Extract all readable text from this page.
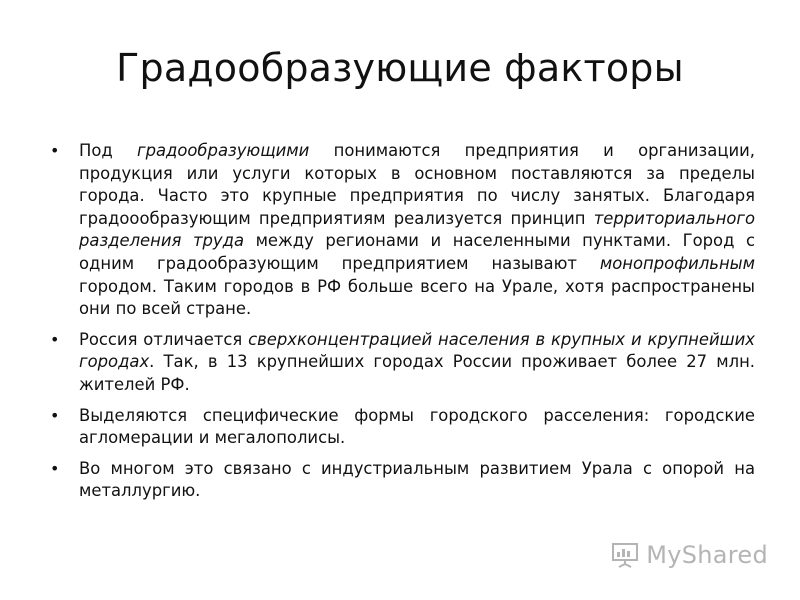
Градообразующие факторы
• Под градообразующими понимаются предприятия и организации, продукция или услуги которых в основном поставляются за пределы города. Часто это крупные предприятия по числу занятых. Благодаря градоообразующим предприятиям реализуется принцип территориального разделения труда между регионами и населенными пунктами. Город с одним градообразующим предприятием называют монопрофильным городом. Таким городов в РФ больше всего на Урале, хотя распространены они по всей стране.
• Россия отличается сверхконцентрацией населения в крупных и крупнейших городах. Так, в 13 крупнейших городах России проживает более 27 млн. жителей РФ.
• Выделяются специфические формы городского расселения: городские агломерации и мегалополисы.
• Во многом это связано с индустриальным развитием Урала с опорой на металлургию.
MyShared
